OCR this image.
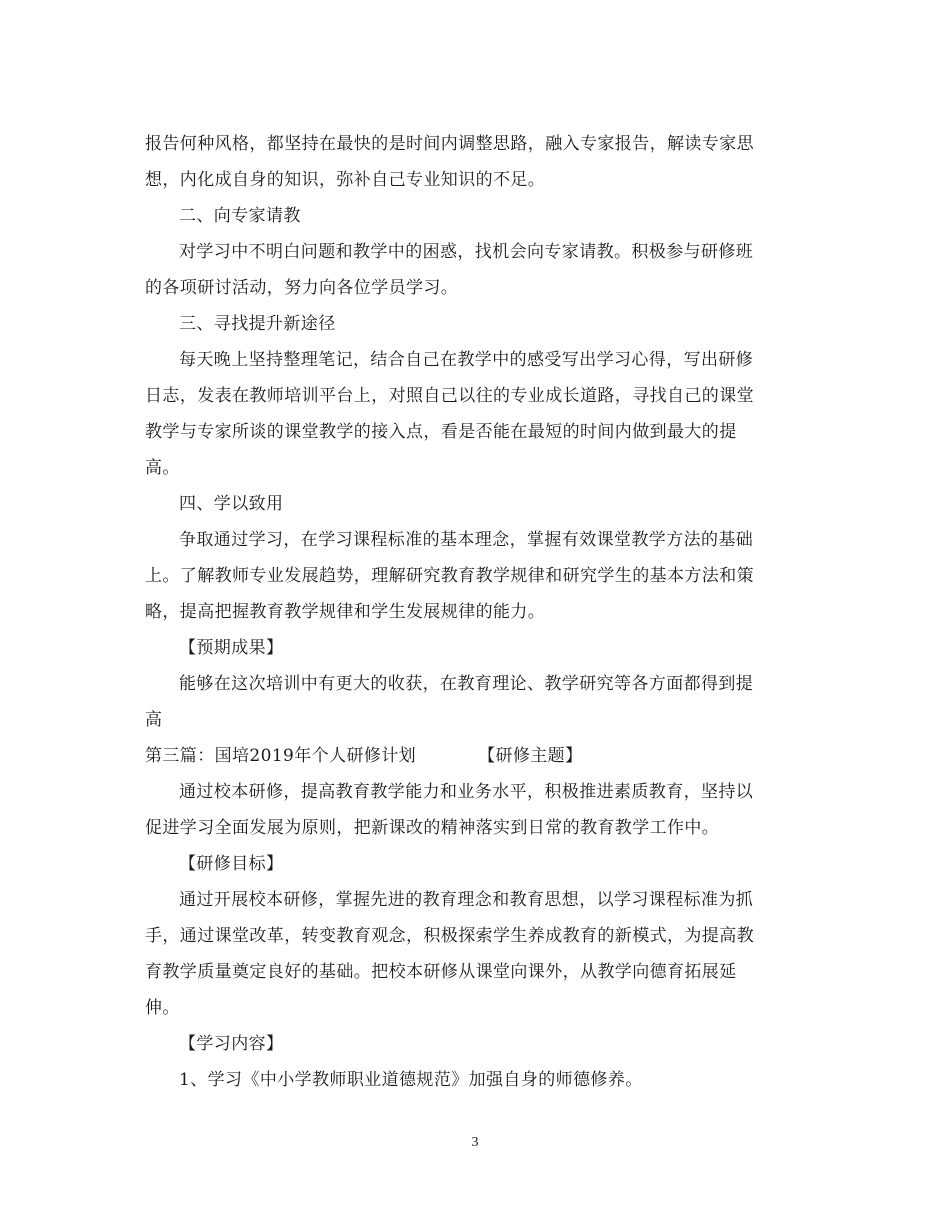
报告何种风格，都坚持在最快的是时间内调整思路，融入专家报告，解读专家思
想，内化成自身的知识，弥补自己专业知识的不足。
二、向专家请教
对学习中不明白问题和教学中的困惑，找机会向专家请教。积极参与研修班
的各项研讨活动，努力向各位学员学习。
三、寻找提升新途径
每天晚上坚持整理笔记，结合自己在教学中的感受写出学习心得，写出研修
日志，发表在教师培训平台上，对照自己以往的专业成长道路，寻找自己的课堂
教学与专家所谈的课堂教学的接入点，看是否能在最短的时间内做到最大的提
高。
四、学以致用
争取通过学习，在学习课程标准的基本理念，掌握有效课堂教学方法的基础
上。了解教师专业发展趋势，理解研究教育教学规律和研究学生的基本方法和策
略，提高把握教育教学规律和学生发展规律的能力。
【预期成果】
能够在这次培训中有更大的收获，在教育理论、教学研究等各方面都得到提
高
第三篇：国培2019年个人研修计划	【研修主题】
通过校本研修，提高教育教学能力和业务水平，积极推进素质教育，坚持以
促进学习全面发展为原则，把新课改的精神落实到日常的教育教学工作中。
【研修目标】
通过开展校本研修，掌握先进的教育理念和教育思想，以学习课程标准为抓
手，通过课堂改革，转变教育观念，积极探索学生养成教育的新模式，为提高教
育教学质量奠定良好的基础。把校本研修从课堂向课外，从教学向德育拓展延
伸。
【学习内容】
1、学习《中小学教师职业道德规范》加强自身的师德修养。
3
